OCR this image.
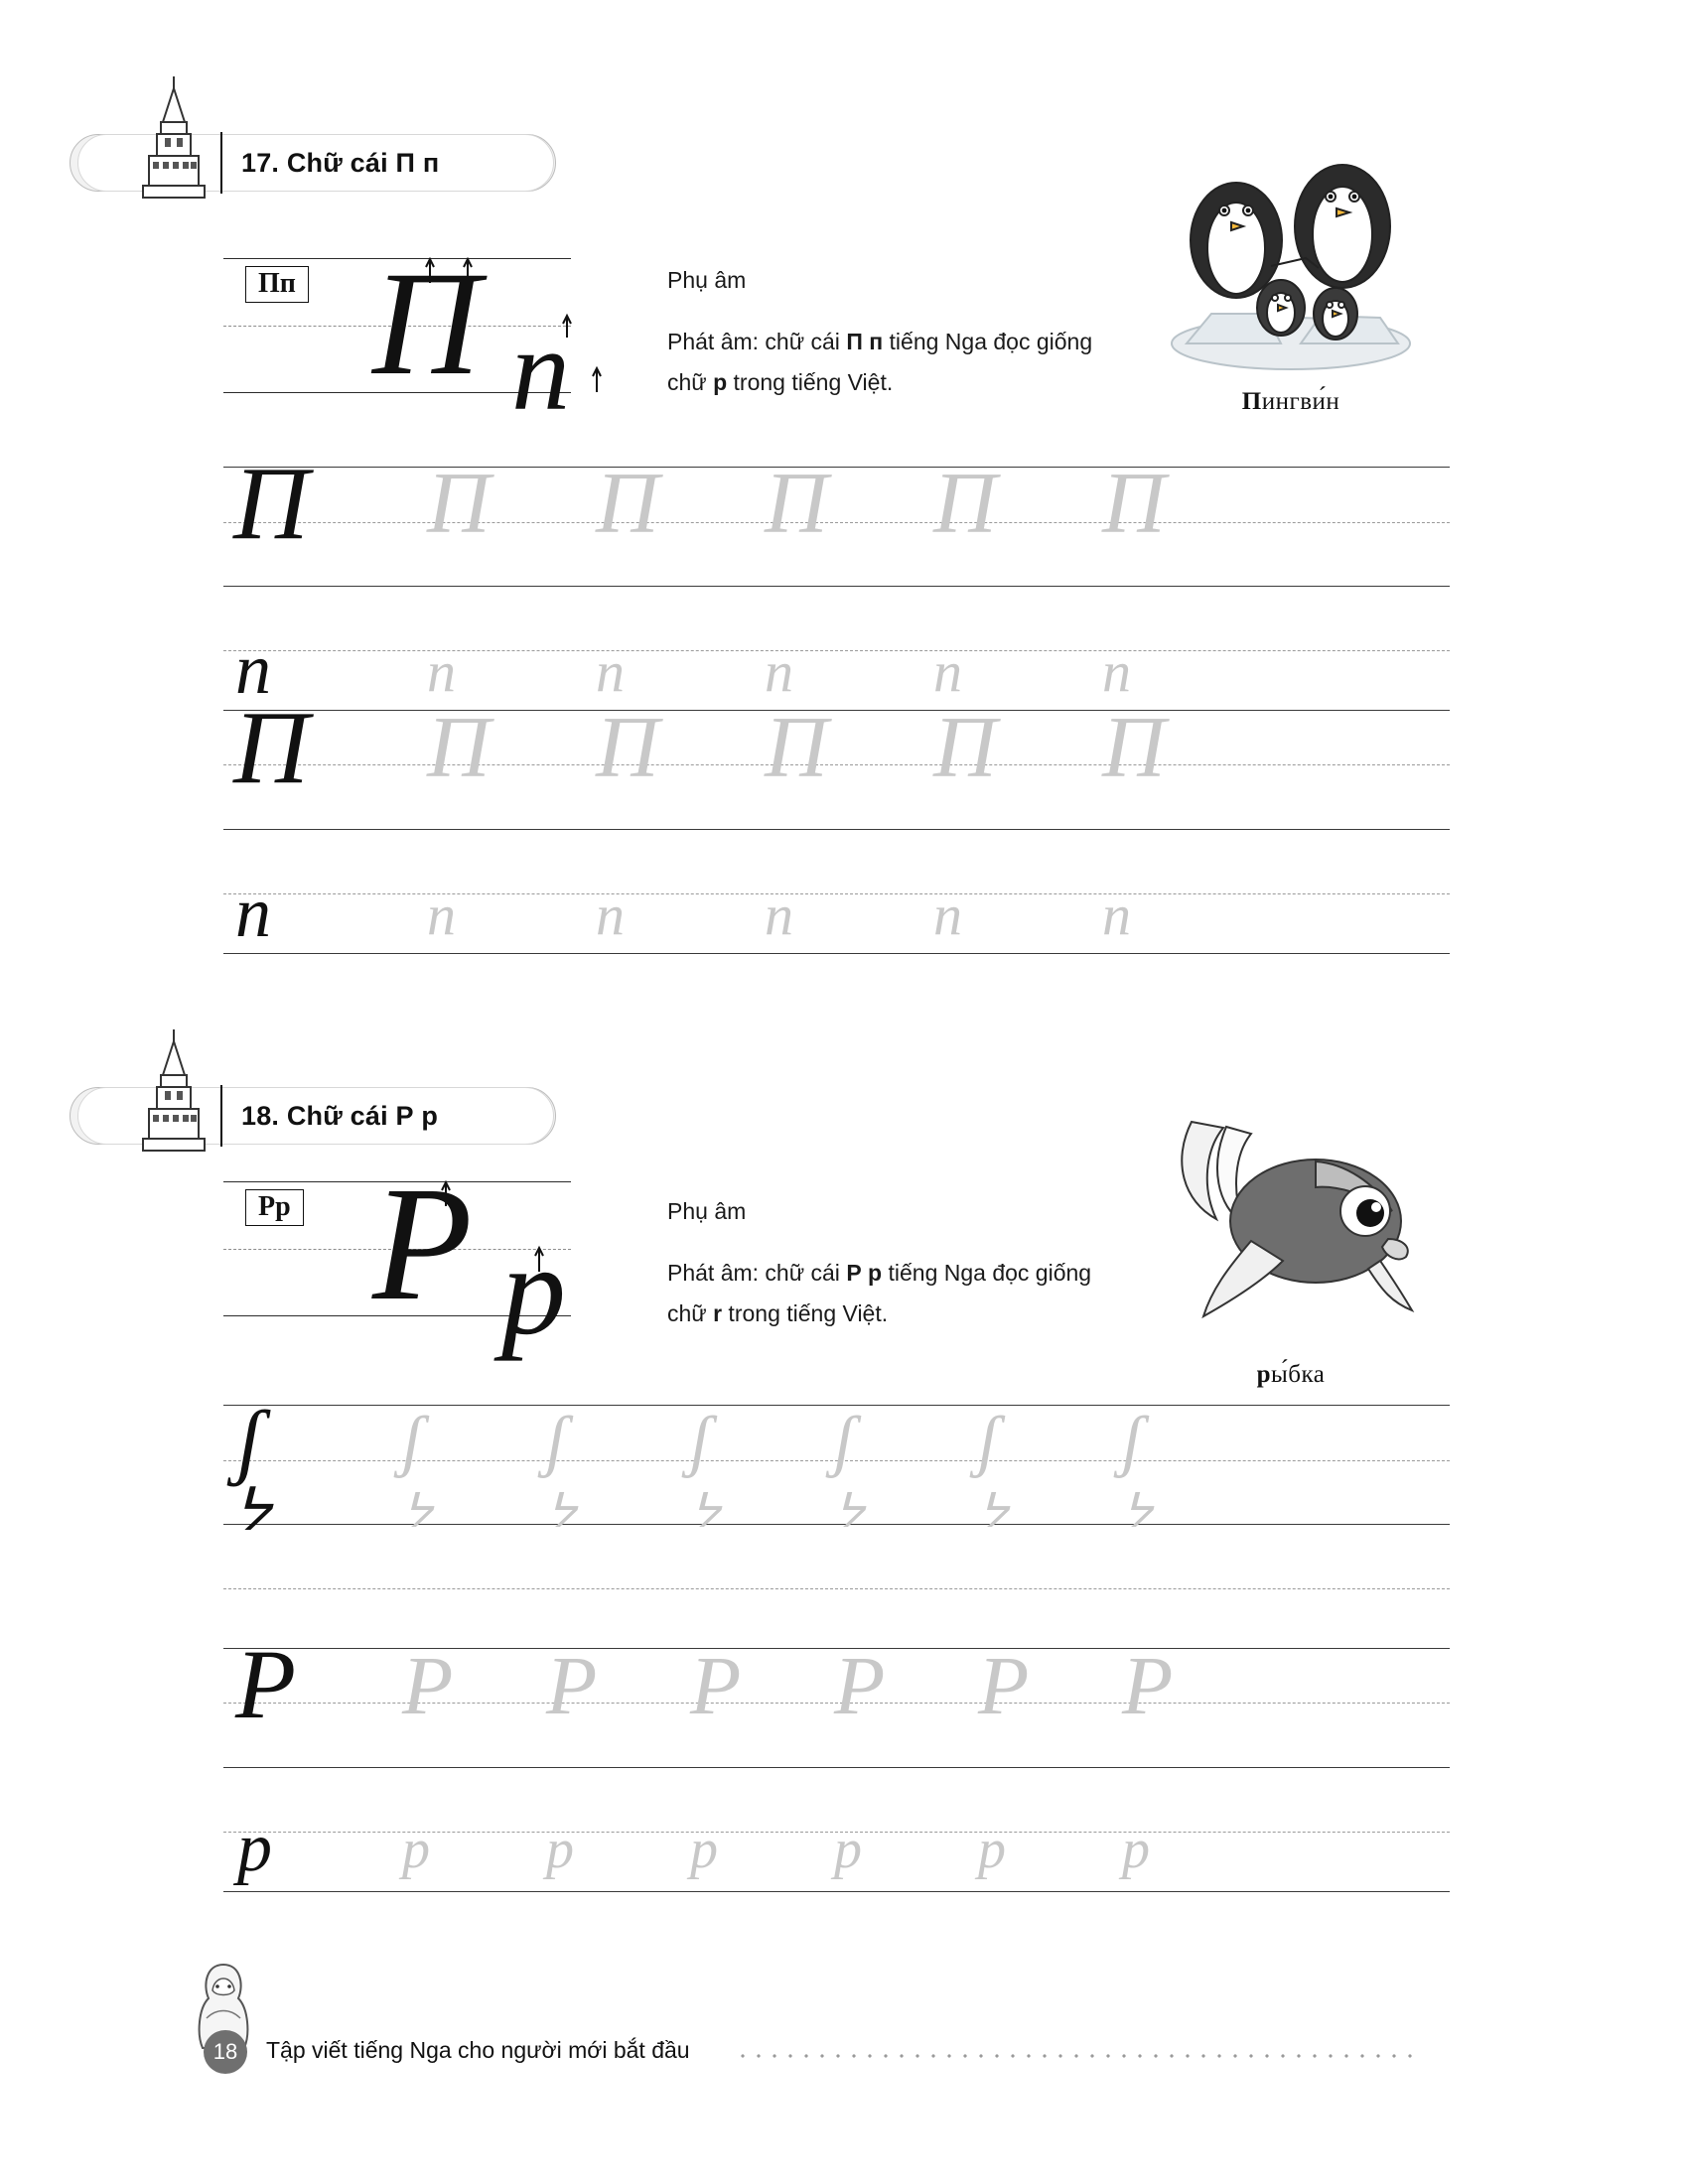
17. Chữ cái П п
Пп П п

Phụ âm

Phát âm: chữ cái П п tiếng Nga đọc giống chữ p trong tiếng Việt.

Пингви́н
П П П П П П
п	п п п п п
П П П П П П
п	п п п п п
18. Chữ cái Р р
Рр Р р

Phụ âm

Phát âm: chữ cái Р р tiếng Nga đọc giống chữ r trong tiếng Việt.

ры́бка
ʃ ʃ ʃ ʃ ʃ ʃ ʃ
ᔭ	ᔭ ᔭ ᔭ ᔭ ᔭ ᔭ
Р Р Р Р Р Р Р
р р р р р р р
18	Tập viết tiếng Nga cho người mới bắt đầu
